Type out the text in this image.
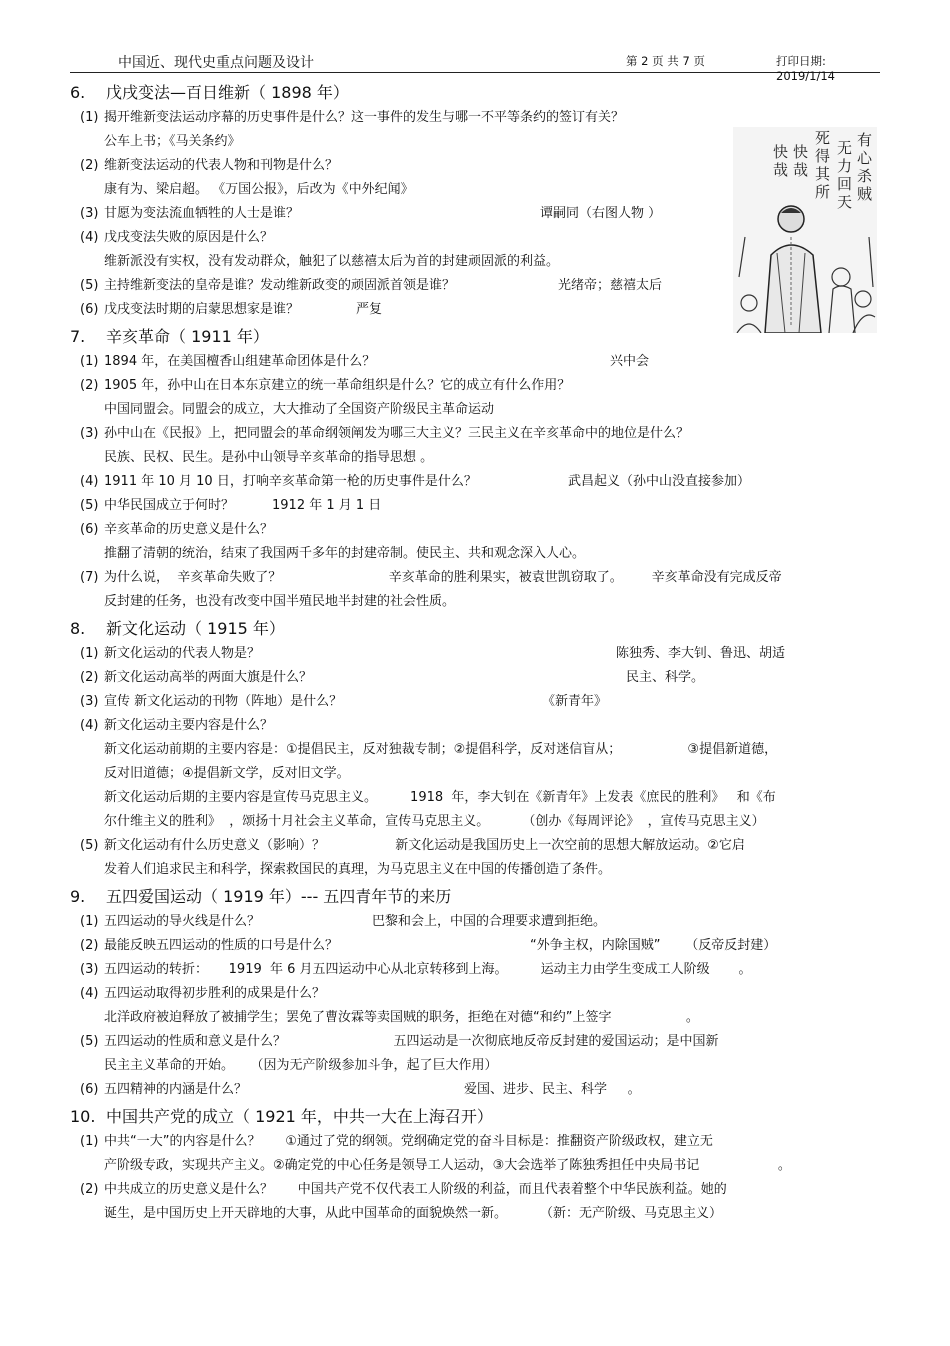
中国近、现代史重点问题及设计	第 2 页 共 7 页	打印日期: 2019/1/14
有
心
杀
贼
无
力
回
天
死
得
其
所
快
哉
快
哉
6. 戊戌变法—百日维新（ 1898 年）
(1) 揭开维新变法运动序幕的历史事件是什么？这一事件的发生与哪一不平等条约的签订有关？
公车上书；《马关条约》
(2) 维新变法运动的代表人物和刊物是什么？
康有为、梁启超。 《万国公报》，后改为《中外纪闻》
(3) 甘愿为变法流血牺牲的人士是谁？	谭嗣同（右图人物 ）
(4) 戊戌变法失败的原因是什么？
维新派没有实权，没有发动群众，触犯了以慈禧太后为首的封建顽固派的利益。
(5) 主持维新变法的皇帝是谁？发动维新政变的顽固派首领是谁？	光绪帝；慈禧太后
(6) 戊戌变法时期的启蒙思想家是谁？	严复
7. 辛亥革命（ 1911 年）
(1) 1894 年，在美国檀香山组建革命团体是什么？	兴中会
(2) 1905 年，孙中山在日本东京建立的统一革命组织是什么？它的成立有什么作用？
中国同盟会。同盟会的成立，大大推动了全国资产阶级民主革命运动
(3) 孙中山在《民报》上，把同盟会的革命纲领阐发为哪三大主义？三民主义在辛亥革命中的地位是什么？
民族、民权、民生。是孙中山领导辛亥革命的指导思想 。
(4) 1911 年 10 月 10 日，打响辛亥革命第一枪的历史事件是什么？	武昌起义（孙中山没直接参加）
(5) 中华民国成立于何时？	1912 年 1 月 1 日
(6) 辛亥革命的历史意义是什么？
推翻了清朝的统治，结束了我国两千多年的封建帝制。使民主、共和观念深入人心。
(7) 为什么说，  辛亥革命失败了？                          辛亥革命的胜利果实，被袁世凯窃取了。       辛亥革命没有完成反帝
反封建的任务，也没有改变中国半殖民地半封建的社会性质。
8. 新文化运动（ 1915 年）
(1) 新文化运动的代表人物是？	陈独秀、李大钊、鲁迅、胡适
(2) 新文化运动高举的两面大旗是什么？	民主、科学。
(3) 宣传 新文化运动的刊物（阵地）是什么？	《新青年》
(4) 新文化运动主要内容是什么？
新文化运动前期的主要内容是：①提倡民主，反对独裁专制；②提倡科学，反对迷信盲从；                ③提倡新道德，
反对旧道德；④提倡新文学，反对旧文学。
新文化运动后期的主要内容是宣传马克思主义。        1918  年，李大钊在《新青年》上发表《庶民的胜利》   和《布
尔什维主义的胜利》  ，颂扬十月社会主义革命，宣传马克思主义。        （创办《每周评论》  ，宣传马克思主义）
(5) 新文化运动有什么历史意义（影响）？                 新文化运动是我国历史上一次空前的思想大解放运动。②它启
发着人们追求民主和科学，探索救国民的真理，为马克思主义在中国的传播创造了条件。
9. 五四爱国运动（ 1919 年）--- 五四青年节的来历
(1) 五四运动的导火线是什么？	巴黎和会上，中国的合理要求遭到拒绝。
(2) 最能反映五四运动的性质的口号是什么？	“外争主权，内除国贼”      （反帝反封建）
(3) 五四运动的转折：     1919  年 6 月五四运动中心从北京转移到上海。        运动主力由学生变成工人阶级       。
(4) 五四运动取得初步胜利的成果是什么？
北洋政府被迫释放了被捕学生；罢免了曹汝霖等卖国贼的职务，拒绝在对德“和约”上签字                  。
(5) 五四运动的性质和意义是什么？                          五四运动是一次彻底地反帝反封建的爱国运动；是中国新
民主主义革命的开始。    （因为无产阶级参加斗争，起了巨大作用）
(6) 五四精神的内涵是什么？	爱国、进步、民主、科学     。
10. 中国共产党的成立（ 1921 年，中共一大在上海召开）
(1) 中共“一大”的内容是什么？      ①通过了党的纲领。党纲确定党的奋斗目标是：推翻资产阶级政权，建立无
产阶级专政，实现共产主义。②确定党的中心任务是领导工人运动，③大会选举了陈独秀担任中央局书记                   。
(2) 中共成立的历史意义是什么？      中国共产党不仅代表工人阶级的利益，而且代表着整个中华民族利益。她的
诞生，是中国历史上开天辟地的大事，从此中国革命的面貌焕然一新。        （新：无产阶级、马克思主义）
